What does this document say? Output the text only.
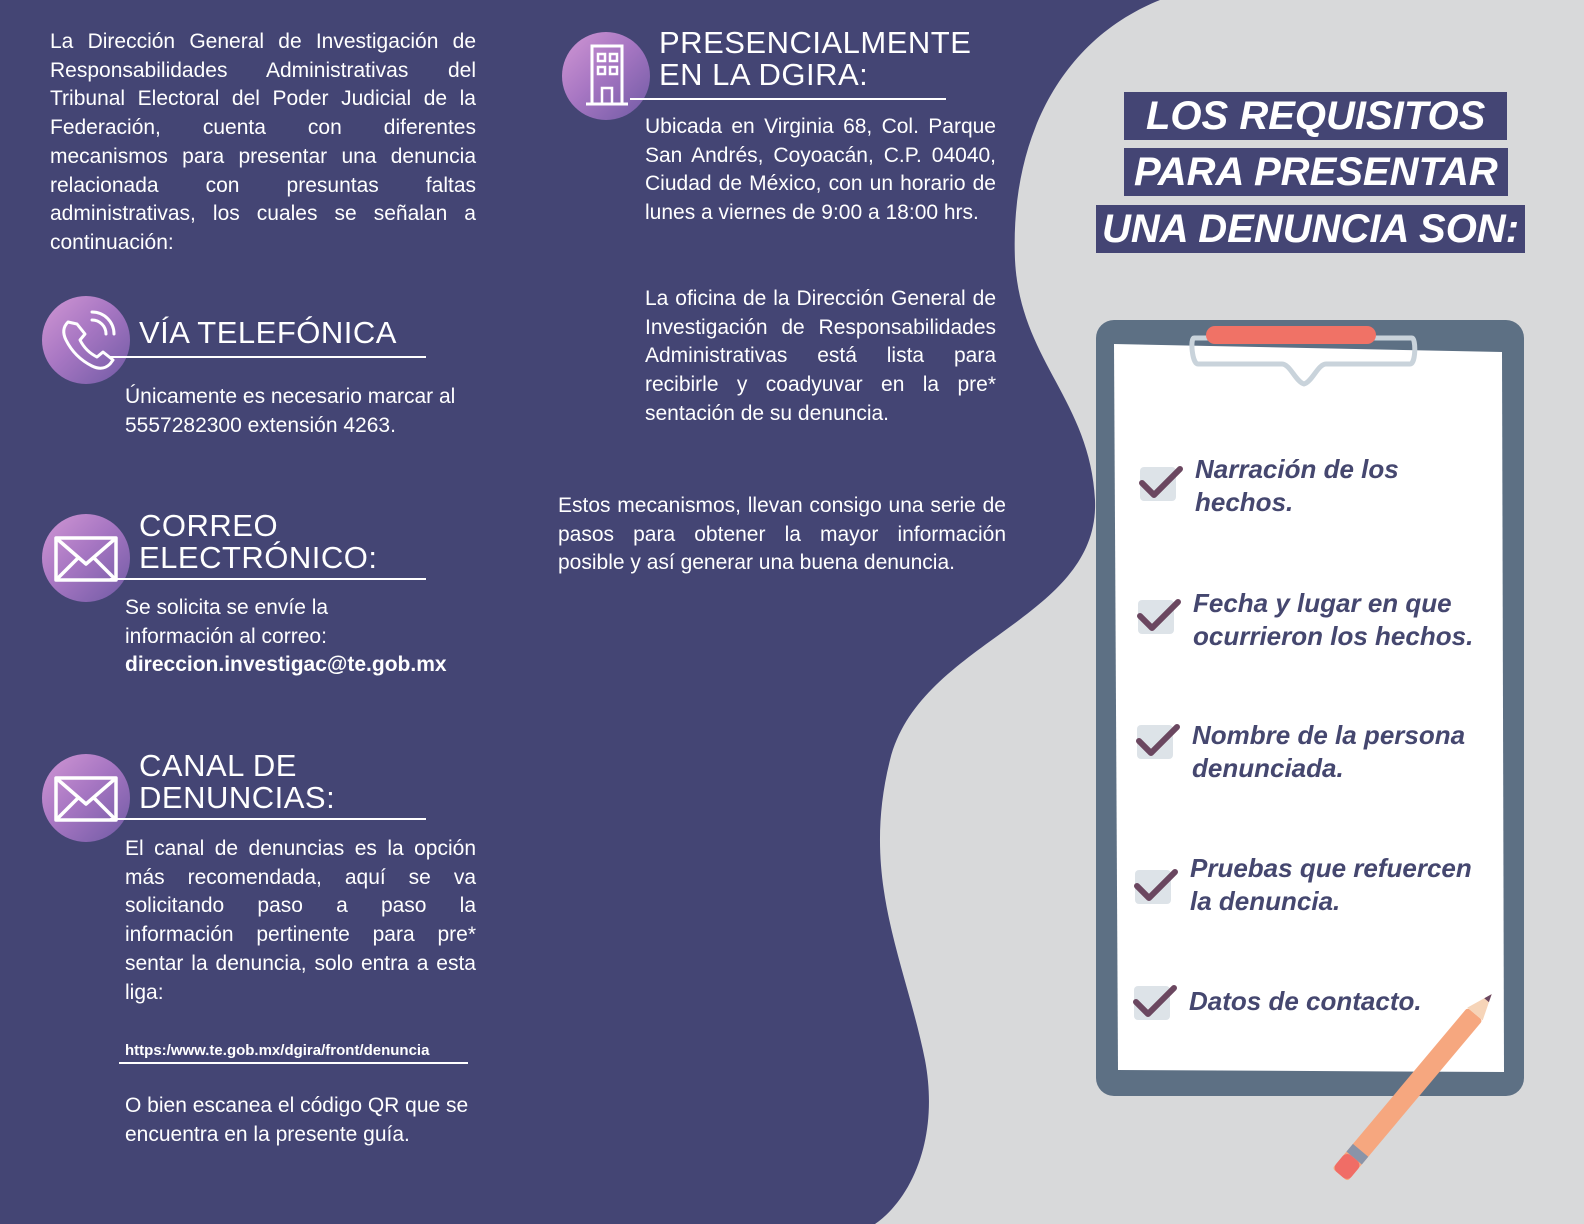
La Dirección General de Investigación de Responsabilidades Administrativas del Tribunal Electoral del Poder Judicial de la Federación, cuenta con diferentes mecanismos para presentar una denuncia relacionada con presuntas faltas administrativas, los cuales se señalan a continuación:
VÍA TELEFÓNICA
Únicamente es necesario marcar al 5557282300 extensión 4263.
CORREO
ELECTRÓNICO:
Se solicita se envíe la información al correo:
direccion.investigac@te.gob.mx
CANAL DE
DENUNCIAS:
El canal de denuncias es la opción más recomendada, aquí se va solicitando paso a paso la información pertinente para pre* sentar la denuncia, solo entra a esta liga:
https:/www.te.gob.mx/dgira/front/denuncia
O bien escanea el código QR que se encuentra en la presente guía.
PRESENCIALMENTE
EN LA DGIRA:
Ubicada en Virginia 68, Col. Parque San Andrés, Coyoacán, C.P. 04040, Ciudad de México, con un horario de lunes a viernes de 9:00 a 18:00 hrs.
La oficina de la Dirección General de Investigación de Responsabilidades Administrativas está lista para recibirle y coadyuvar en la pre* sentación de su denuncia.
Estos mecanismos, llevan consigo una serie de pasos para obtener la mayor información posible y así generar una buena denuncia.
LOS REQUISITOS
PARA PRESENTAR
UNA DENUNCIA SON:
Narración de los
hechos.
Fecha y lugar en que
ocurrieron los hechos.
Nombre de la persona
denunciada.
Pruebas que refuercen
la denuncia.
Datos de contacto.
